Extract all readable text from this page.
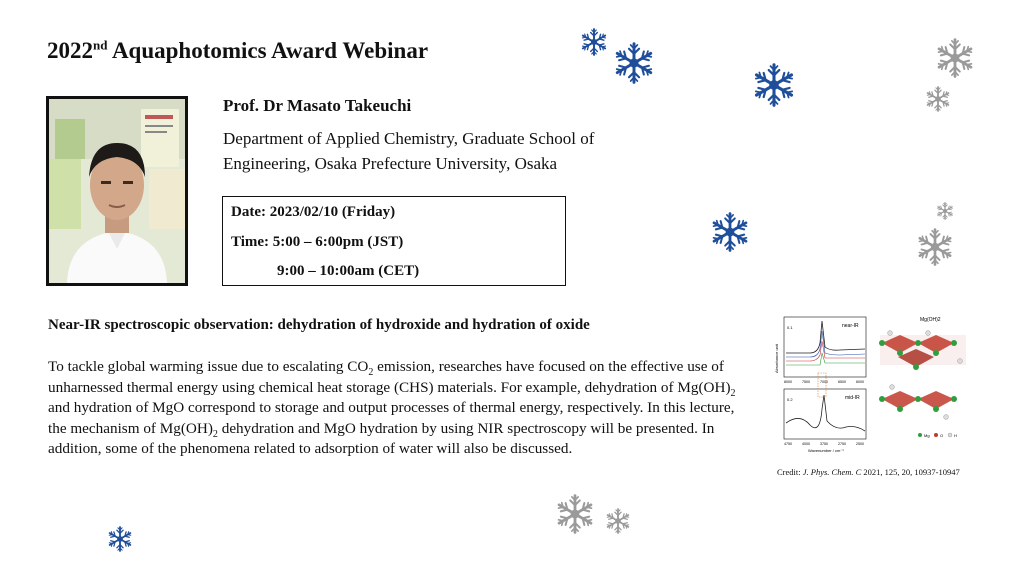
2022nd Aquaphotomics Award Webinar
Prof. Dr Masato Takeuchi
Department of Applied Chemistry, Graduate School of
Engineering, Osaka Prefecture University, Osaka
Date: 2023/02/10 (Friday)
Time: 5:00 – 6:00pm (JST)
9:00 – 10:00am (CET)
Near-IR spectroscopic observation: dehydration of hydroxide and hydration of oxide
To tackle global warming issue due to escalating $CO_2$ emission, researches have focused on the effective use of unharnessed thermal energy using chemical heat storage (CHS) materials. For example, dehydration of $Mg(OH)_2$ and hydration of MgO correspond to storage and output processes of thermal energy, respectively. In this lecture, the mechanism of $Mg(OH)_2$ dehydration and MgO hydration by using NIR spectroscopy will be presented. In addition, some of the phenomena related to adsorption of water will also be discussed.
near-IR
0.1
8000	7500	7000	6500	6000
mid-IR
0.2
4750	4000	3750	2750	2500
Wavenumber / cm⁻¹
Absorbance unit
Mg(OH)2
Mg	O	H
Credit: J. Phys. Chem. C 2021, 125, 20, 10937-10947
